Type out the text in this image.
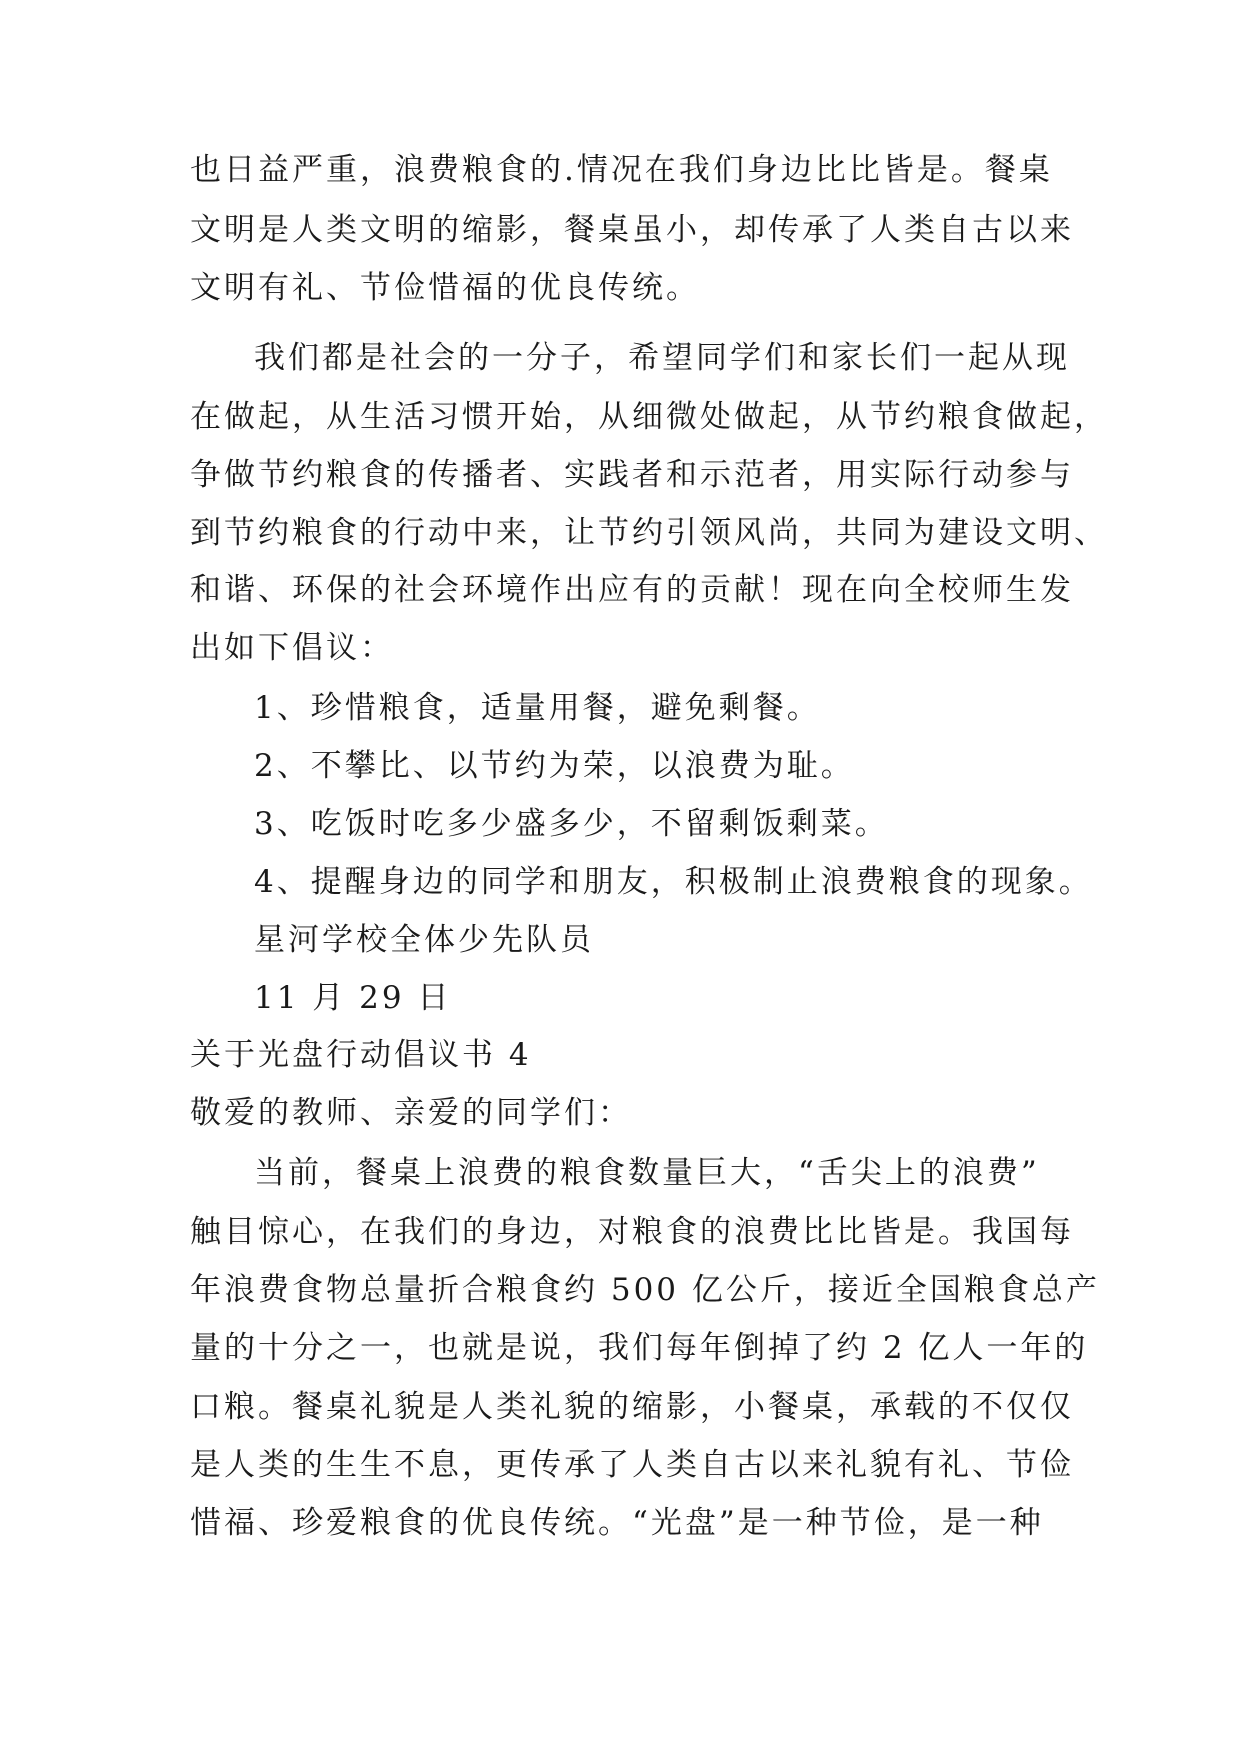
也日益严重，浪费粮食的.情况在我们身边比比皆是。餐桌
文明是人类文明的缩影，餐桌虽小，却传承了人类自古以来
文明有礼、节俭惜福的优良传统。
我们都是社会的一分子，希望同学们和家长们一起从现
在做起，从生活习惯开始，从细微处做起，从节约粮食做起，
争做节约粮食的传播者、实践者和示范者，用实际行动参与
到节约粮食的行动中来，让节约引领风尚，共同为建设文明、
和谐、环保的社会环境作出应有的贡献！现在向全校师生发
出如下倡议：
1、珍惜粮食，适量用餐，避免剩餐。
2、不攀比、以节约为荣，以浪费为耻。
3、吃饭时吃多少盛多少，不留剩饭剩菜。
4、提醒身边的同学和朋友，积极制止浪费粮食的现象。
星河学校全体少先队员
11 月 29 日
关于光盘行动倡议书 4
敬爱的教师、亲爱的同学们：
当前，餐桌上浪费的粮食数量巨大，“舌尖上的浪费”
触目惊心，在我们的身边，对粮食的浪费比比皆是。我国每
年浪费食物总量折合粮食约 500 亿公斤，接近全国粮食总产
量的十分之一，也就是说，我们每年倒掉了约 2 亿人一年的
口粮。餐桌礼貌是人类礼貌的缩影，小餐桌，承载的不仅仅
是人类的生生不息，更传承了人类自古以来礼貌有礼、节俭
惜福、珍爱粮食的优良传统。“光盘”是一种节俭，是一种
